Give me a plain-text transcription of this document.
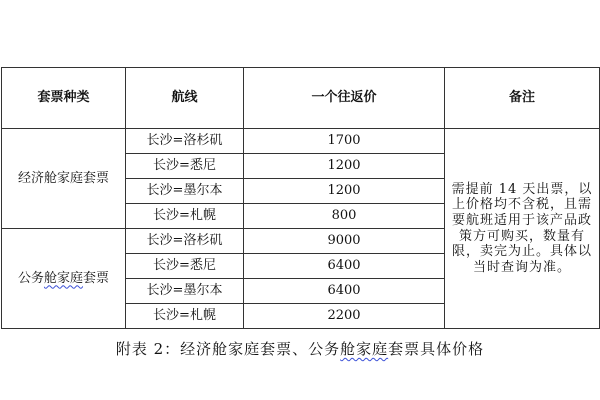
套票种类	航线	一个往返价	备注
经济舱家庭套票	长沙=洛杉矶	1700	需提前 14 天出票，以上价格均不含税，且需要航班适用于该产品政策方可购买，数量有限，卖完为止。具体以当时查询为准。

	长沙=悉尼	1200	
	长沙=墨尔本	1200	
	长沙=札幌	800	
公务舱家庭套票	长沙=洛杉矶	9000	
	长沙=悉尼	6400	
	长沙=墨尔本	6400	
	长沙=札幌	2200	
附表 2：经济舱家庭套票、公务舱家庭套票具体价格
